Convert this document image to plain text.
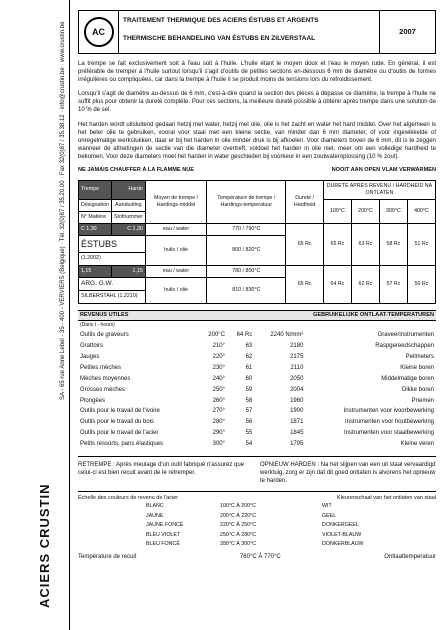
SA - 65 rue Anne Lebel - 35 - 400 - VERVIERS (Belgique) · Tél. 32(0)87 / 35.20.00 · Fax 32(0)87 / 35.38.12 · info@crustin.be · www.crustin.be
ACIERS CRUSTIN
AC
TRAITEMENT THERMIQUE DES ACIERS ÉSTUBS ET ARGENTS
THERMISCHE BEHANDELING VAN ÉSTUBS EN ZILVERSTAAL
2007

La trempe se fait exclusivement soit à l'eau soit à l'huile. L'huile étant le moyen doux et l'eau le moyen rude. En général, il est préférable de tremper à l'huile surtout lorsqu'il s'agit d'outils de petites sections en-dessous 6 mm de diamètre ou d'outils de formes irrégulières ou compliquées, car dans la trempe à l'huile il se produit moins de tensions lors du refroidissement.

Lorsqu'il s'agit de diamètre au-dessus de 6 mm, c'est-à-dire quand la section des pièces à dépasse ce diamètre, la trempe à l'huile ne suffit plus pour obtenir la dureté complète. Pour ces sections, la meilleure dureté possible à obtenir après trempe dans une solution de 10 % de sel.

Het harden wordt uitsluitend gedaan hetzij met water, hetzij met olie, olie is het zacht en water het hard middel. Over het algemeen is het beter olie te gebruiken, vooral voor staal met een kleine sectie, van minder dan 6 mm diameter, of voor ingewikkelde of onregelmatige werkstukken, daar er bij het harden in olie minder druk is bij afkoelen. Voor diameters boven de 6 mm, dit is te zeggen wanneer de afmetingen de sectie van die diameter overtreft, voldoet het harden in olie niet, meer om een volledige hardheid te bekomen. Voor deze diameters moet het harden in water geschieden bij voorkeur in een zoutwateroplossing (10 % zout).

NE JAMAIS CHAUFFER À LA FLAMME NUE	NOOIT AAN OPEN VLAM VERWARMEN
Trempe	Harde	Moyen de trempe / Hardings-middel	Température de trempe / Hardings-temperatuur	Dureté / Hardheid	DURETÉ APRÈS REVENU / HARDHEID NA ONTLATEN			
Désignation	Aanduiding				100°C	200°C	300°C	400°C
N° Matière	Stofnummer							
C 1,30	C 1,30	eau / water	770 / 790°C	65 Rc	65 Rc	63 Rc	58 Rc	51 Rc
ÉSTUBS		huile / olie	800 / 820°C					
(1.2002)								
1,15	1,15	eau / water	780 / 800°C	65 Rc	64 Rc	62 Rc	57 Rc	50 Rc
ARG. G.W.		huile / olie	810 / 830°C					
SILBERSTAHL (1.2210)								
REVENUS UTILES	GEBRUIKELIJKE ONTLAAT-TEMPERATUREN
(Dans I - hours)
Outils de graveurs	200°C	64 Rc	2240 N/mm²	Graveerinstrumenten
Grattoirs	210°	63	2180	Raspgereedschappen
Jauges	220°	62	2175	Peilmeters
Petites mèches	230°	61	2110	Kleine boren
Mèches moyennes	240°	60	2050	Middelmatige boren
Grosses mèches	250°	59	2004	Dikke boren
Plongées	260°	58	1960	Priemen
Outils pour le travail de l'ivoire	270°	57	1900	Instrumenten voor ivoorbewerking
Outils pour le travail du bois	280°	56	1871	Instrumenten voor houtbewerking
Outils pour le travail de l'acier	290°	55	1845	Instrumenten voor staalbewerking
Petits ressorts, pans élastiques	300°	54	1795	Kleine veren
RETREMPE : Après meulage d'un outil fabriqué n'assurez que celui-ci est bien recuit avant de le retremper.
OPNIEUW HARDEN : Na het slijpen van een uit staal vervaardigd werktuig, zorg er zijn dat dit goed ontlaten is alvorens het opnieuw te harden.
Échelle des couleurs de revenu de l'acier	Kleurenschaal van het ontlaten van staal
BLANC	100°C À 200°C	WIT
JAUNE	200°C À 220°C	GEEL
JAUNE FONCÉ	220°C À 250°C	DONKERGEEL
BLEU VIOLET	250°C À 280°C	VIOLET-BLAUW
BLEU FONCÉ	280°C À 300°C	DONKERBLAUW
Température de recuit	760°C À 770°C	Ontlaattemperatuur
